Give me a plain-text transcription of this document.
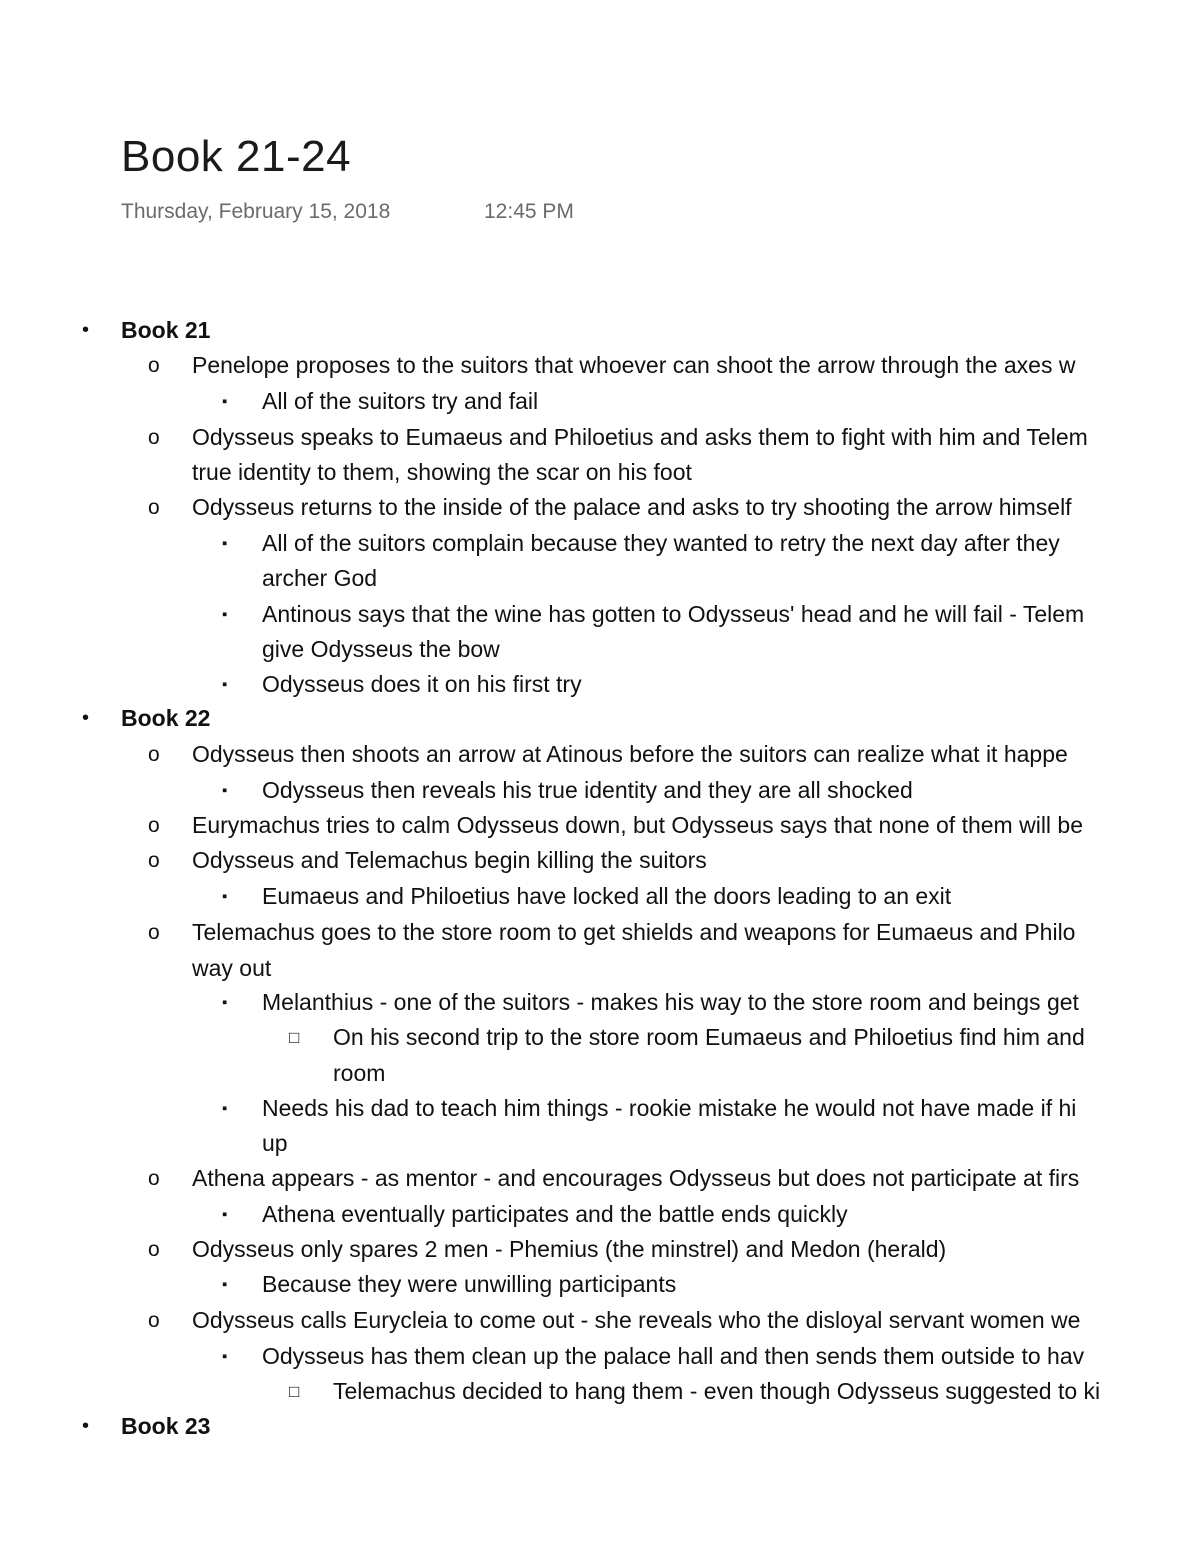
Book 21-24
Thursday, February 15, 2018	12:45 PM
• Book 21
o Penelope proposes to the suitors that whoever can shoot the arrow through the axes w
▪ All of the suitors try and fail
o Odysseus speaks to Eumaeus and Philoetius and asks them to fight with him and Telem
true identity to them, showing the scar on his foot
o Odysseus returns to the inside of the palace and asks to try shooting the arrow himself
▪ All of the suitors complain because they wanted to retry the next day after they
archer God
▪ Antinous says that the wine has gotten to Odysseus' head and he will fail - Telem
give Odysseus the bow
▪ Odysseus does it on his first try
• Book 22
o Odysseus then shoots an arrow at Atinous before the suitors can realize what it happe
▪ Odysseus then reveals his true identity and they are all shocked
o Eurymachus tries to calm Odysseus down, but Odysseus says that none of them will be
o Odysseus and Telemachus begin killing the suitors
▪ Eumaeus and Philoetius have locked all the doors leading to an exit
o Telemachus goes to the store room to get shields and weapons for Eumaeus and Philo
way out
▪ Melanthius - one of the suitors - makes his way to the store room and beings get
□ On his second trip to the store room Eumaeus and Philoetius find him and
room
▪ Needs his dad to teach him things - rookie mistake he would not have made if hi
up
o Athena appears - as mentor - and encourages Odysseus but does not participate at firs
▪ Athena eventually participates and the battle ends quickly
o Odysseus only spares 2 men - Phemius (the minstrel) and Medon (herald)
▪ Because they were unwilling participants
o Odysseus calls Eurycleia to come out - she reveals who the disloyal servant women we
▪ Odysseus has them clean up the palace hall and then sends them outside to hav
□ Telemachus decided to hang them - even though Odysseus suggested to ki
• Book 23
